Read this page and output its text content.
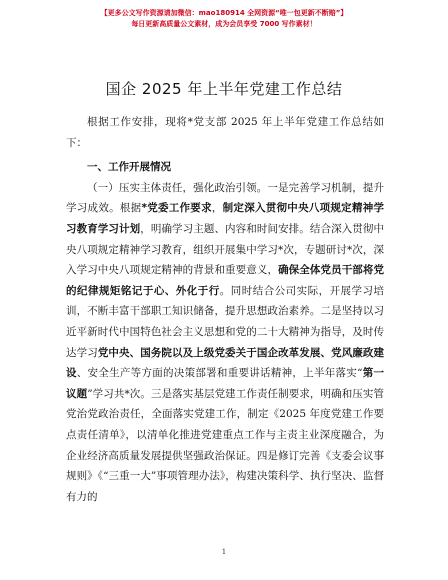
【更多公文写作资源请加微信：mao180914 全网资源“唯一包更新不断赔”】
每日更新高质量公文素材，成为会员享受 7000 写作素材！
国企 2025 年上半年党建工作总结

根据工作安排，现将*党支部 2025 年上半年党建工作总结如下：

一、工作开展情况

（一）压实主体责任，强化政治引领。一是完善学习机制，提升学习成效。根据*党委工作要求，制定深入贯彻中央八项规定精神学习教育学习计划，明确学习主题、内容和时间安排。结合深入贯彻中央八项规定精神学习教育，组织开展集中学习*次，专题研讨*次，深入学习中央八项规定精神的背景和重要意义，确保全体党员干部将党的纪律规矩铭记于心、外化于行。同时结合公司实际，开展学习培训，不断丰富干部职工知识储备，提升思想政治素养。二是坚持以习近平新时代中国特色社会主义思想和党的二十大精神为指导，及时传达学习党中央、国务院以及上级党委关于国企改革发展、党风廉政建设、安全生产等方面的决策部署和重要讲话精神，上半年落实“第一议题”学习共*次。三是落实基层党建工作责任制要求，明确和压实管党治党政治责任，全面落实党建工作，制定《2025 年度党建工作要点责任清单》，以清单化推进党建重点工作与主责主业深度融合，为企业经济高质量发展提供坚强政治保证。四是修订完善《支委会议事规则》《“三重一大”事项管理办法》，构建决策科学、执行坚决、监督有力的

1
